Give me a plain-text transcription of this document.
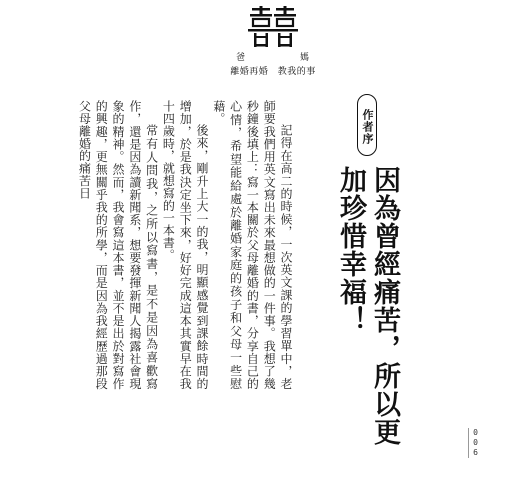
爸	媽
離婚再婚　教我的事
作者序
因為曾經痛苦，所以更加珍惜幸福！

記得在高二的時候，一次英文課的學習單中，老師要我們用英文寫出未來最想做的一件事。我想了幾秒鐘後填上：寫一本關於父母離婚的書，分享自己的心情，希望能給處於離婚家庭的孩子和父母一些慰藉。

後來，剛升上大一的我，明顯感覺到課餘時間的增加，於是我決定坐下來，好好完成這本其實早在我十四歲時，就想寫的一本書。

常有人問我，之所以寫書，是不是因為喜歡寫作，還是因為讀新聞系，想要發揮新聞人揭露社會現象的精神。然而，我會寫這本書，並不是出於對寫作的興趣，更無關乎我的所學，而是因為我經歷過那段父母離婚的痛苦日

006
